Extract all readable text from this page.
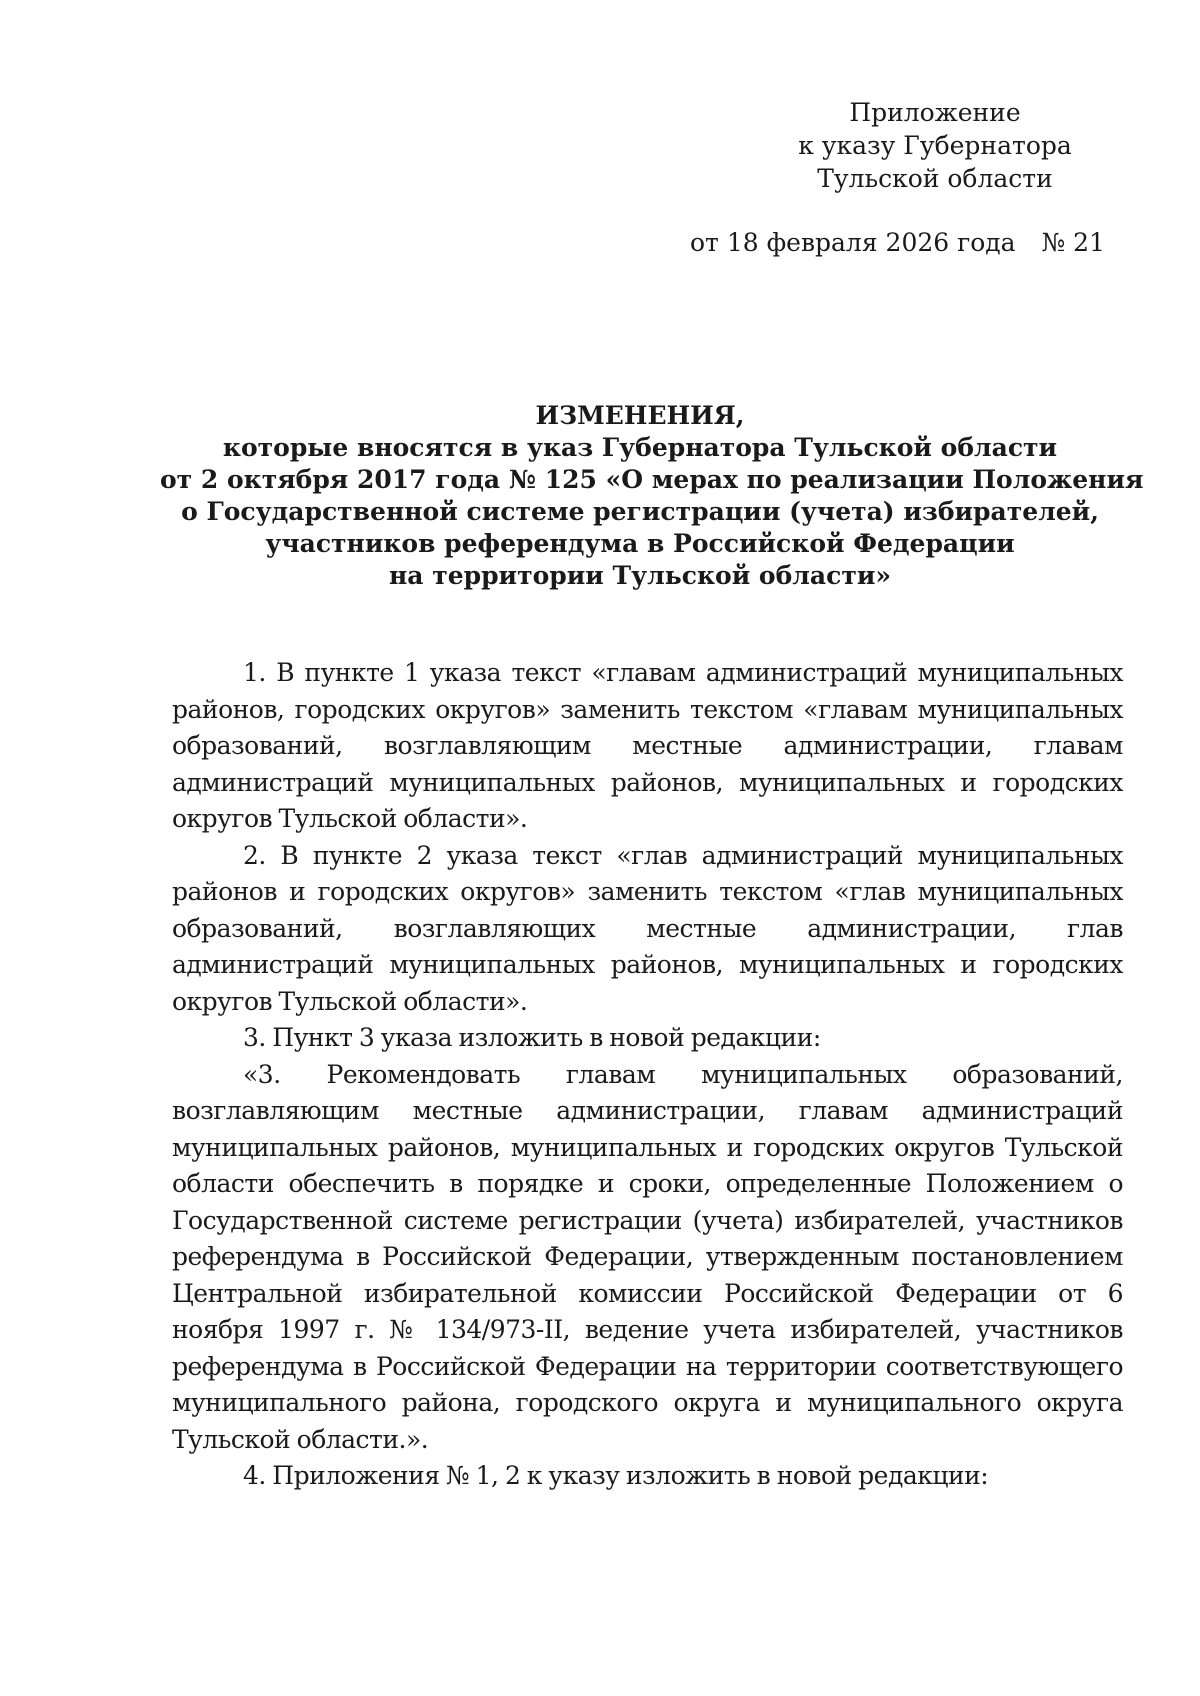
Приложение
к указу Губернатора
Тульской области
от 18 февраля 2026 года № 21
ИЗМЕНЕНИЯ,
которые вносятся в указ Губернатора Тульской области
от 2 октября 2017 года № 125 «О мерах по реализации Положения
о Государственной системе регистрации (учета) избирателей,
участников референдума в Российской Федерации
на территории Тульской области»

1. В пункте 1 указа текст «главам администраций муниципальных районов, городских округов» заменить текстом «главам муниципальных образований, возглавляющим местные администрации, главам администраций муниципальных районов, муниципальных и городских округов Тульской области».

2. В пункте 2 указа текст «глав администраций муниципальных районов и городских округов» заменить текстом «глав муниципальных образований, возглавляющих местные администрации, глав администраций муниципальных районов, муниципальных и городских округов Тульской области».

3. Пункт 3 указа изложить в новой редакции:

«3. Рекомендовать главам муниципальных образований, возглавляющим местные администрации, главам администраций муниципальных районов, муниципальных и городских округов Тульской области обеспечить в порядке и сроки, определенные Положением о Государственной системе регистрации (учета) избирателей, участников референдума в Российской Федерации, утвержденным постановлением Центральной избирательной комиссии Российской Федерации от 6 ноября 1997 г. № 134/973-II, ведение учета избирателей, участников референдума в Российской Федерации на территории соответствующего муниципального района, городского округа и муниципального округа Тульской области.».

4. Приложения № 1, 2 к указу изложить в новой редакции:
